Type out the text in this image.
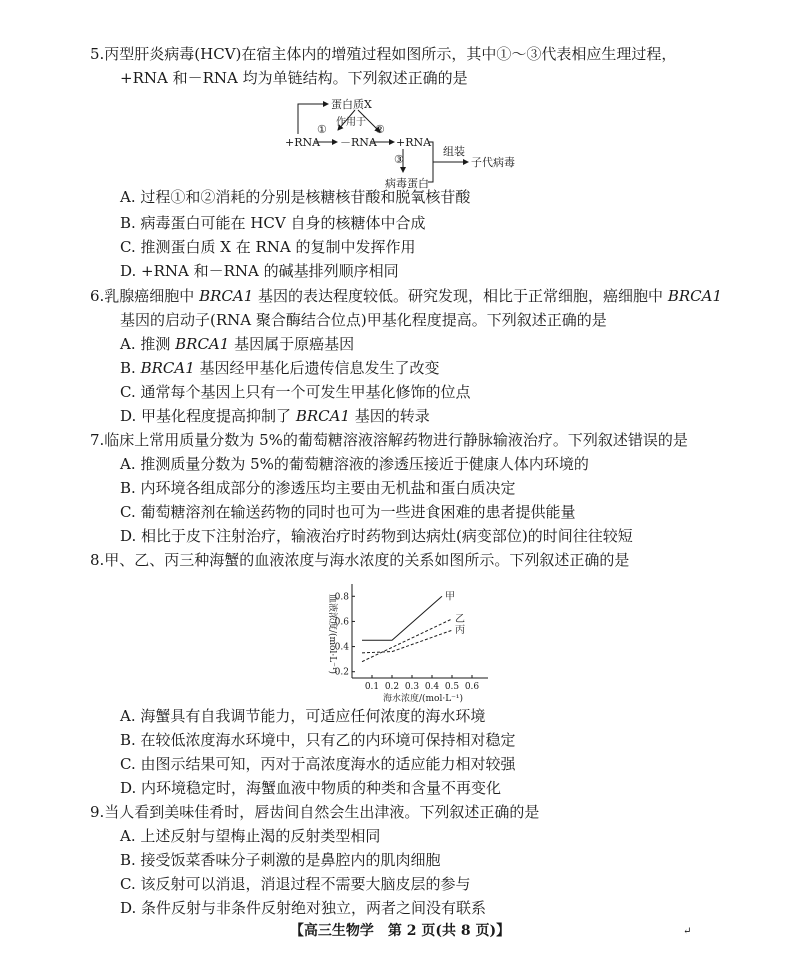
5.丙型肝炎病毒(HCV)在宿主体内的增殖过程如图所示，其中①～③代表相应生理过程，
+RNA 和－RNA 均为单链结构。下列叙述正确的是
蛋白质X
作用于
+RNA
①
－RNA
②
+RNA
③
病毒蛋白
组装
子代病毒
A. 过程①和②消耗的分别是核糖核苷酸和脱氧核苷酸
B. 病毒蛋白可能在 HCV 自身的核糖体中合成
C. 推测蛋白质 X 在 RNA 的复制中发挥作用
D. +RNA 和－RNA 的碱基排列顺序相同
6.乳腺癌细胞中 BRCA1 基因的表达程度较低。研究发现，相比于正常细胞，癌细胞中 BRCA1
基因的启动子(RNA 聚合酶结合位点)甲基化程度提高。下列叙述正确的是
A. 推测 BRCA1 基因属于原癌基因
B. BRCA1 基因经甲基化后遗传信息发生了改变
C. 通常每个基因上只有一个可发生甲基化修饰的位点
D. 甲基化程度提高抑制了 BRCA1 基因的转录
7.临床上常用质量分数为 5%的葡萄糖溶液溶解药物进行静脉输液治疗。下列叙述错误的是
A. 推测质量分数为 5%的葡萄糖溶液的渗透压接近于健康人体内环境的
B. 内环境各组成部分的渗透压均主要由无机盐和蛋白质决定
C. 葡萄糖溶剂在输送药物的同时也可为一些进食困难的患者提供能量
D. 相比于皮下注射治疗，输液治疗时药物到达病灶(病变部位)的时间往往较短
8.甲、乙、丙三种海蟹的血液浓度与海水浓度的关系如图所示。下列叙述正确的是
0.1 0.2 0.3 0.4 0.5 0.6
0.8
0.6
0.4
0.2
海水浓度/(mol·L⁻¹)
血液浓度/(mol·L⁻¹)	甲
乙
丙
A. 海蟹具有自我调节能力，可适应任何浓度的海水环境
B. 在较低浓度海水环境中，只有乙的内环境可保持相对稳定
C. 由图示结果可知，丙对于高浓度海水的适应能力相对较强
D. 内环境稳定时，海蟹血液中物质的种类和含量不再变化
9.当人看到美味佳肴时，唇齿间自然会生出津液。下列叙述正确的是
A. 上述反射与望梅止渴的反射类型相同
B. 接受饭菜香味分子刺激的是鼻腔内的肌肉细胞
C. 该反射可以消退，消退过程不需要大脑皮层的参与
D. 条件反射与非条件反射绝对独立，两者之间没有联系
【高三生物学　第 2 页(共 8 页)】	↵
